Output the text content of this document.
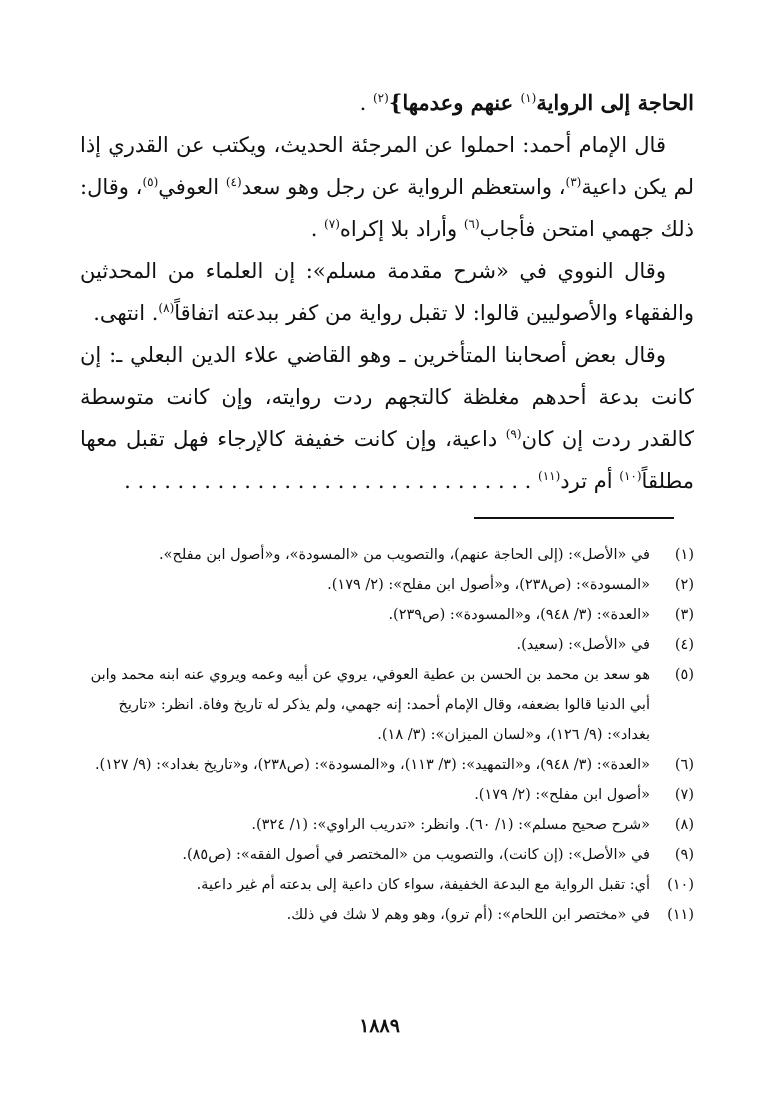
الحاجة إلى الرواية$^{(١)}$ عنهم وعدمها}$^{(٢)}$ .

قال الإمام أحمد: احملوا عن المرجئة الحديث، ويكتب عن القدري إذا لم يكن داعية$^{(٣)}$، واستعظم الرواية عن رجل وهو سعد$^{(٤)}$ العوفي$^{(٥)}$، وقال: ذلك جهمي امتحن فأجاب$^{(٦)}$ وأراد بلا إكراه$^{(٧)}$ .

وقال النووي في «شرح مقدمة مسلم»: إن العلماء من المحدثين والفقهاء والأصوليين قالوا: لا تقبل رواية من كفر ببدعته اتفاقاً$^{(٨)}$. انتهى.

وقال بعض أصحابنا المتأخرين ـ وهو القاضي علاء الدين البعلي ـ: إن كانت بدعة أحدهم مغلظة كالتجهم ردت روايته، وإن كانت متوسطة كالقدر ردت إن كان$^{(٩)}$ داعية، وإن كانت خفيفة كالإرجاء فهل تقبل معها مطلقاً$^{(١٠)}$ أم ترد$^{(١١)}$ . . . . . . . . . . . . . . . . . . . . . . . . . . . . . . .

(١)
في «الأصل»: (إلى الحاجة عنهم)، والتصويب من «المسودة»، و«أصول ابن مفلح».
(٢)
«المسودة»: (ص٢٣٨)، و«أصول ابن مفلح»: (٢/ ١٧٩).
(٣)
«العدة»: (٣/ ٩٤٨)، و«المسودة»: (ص٢٣٩).
(٤)
في «الأصل»: (سعيد).
(٥)
هو سعد بن محمد بن الحسن بن عطية العوفي، يروي عن أبيه وعمه ويروي عنه ابنه محمد وابن أبي الدنيا قالوا بضعفه، وقال الإمام أحمد: إنه جهمي، ولم يذكر له تاريخ وفاة. انظر: «تاريخ بغداد»: (٩/ ١٢٦)، و«لسان الميزان»: (٣/ ١٨).
(٦)
«العدة»: (٣/ ٩٤٨)، و«التمهيد»: (٣/ ١١٣)، و«المسودة»: (ص٢٣٨)، و«تاريخ بغداد»: (٩/ ١٢٧).
(٧)
«أصول ابن مفلح»: (٢/ ١٧٩).
(٨)
«شرح صحيح مسلم»: (١/ ٦٠). وانظر: «تدريب الراوي»: (١/ ٣٢٤).
(٩)
في «الأصل»: (إن كانت)، والتصويب من «المختصر في أصول الفقه»: (ص٨٥).
(١٠)
أي: تقبل الرواية مع البدعة الخفيفة، سواء كان داعية إلى بدعته أم غير داعية.
(١١)
في «مختصر ابن اللحام»: (أم ترو)، وهو وهم لا شك في ذلك.
١٨٨٩
